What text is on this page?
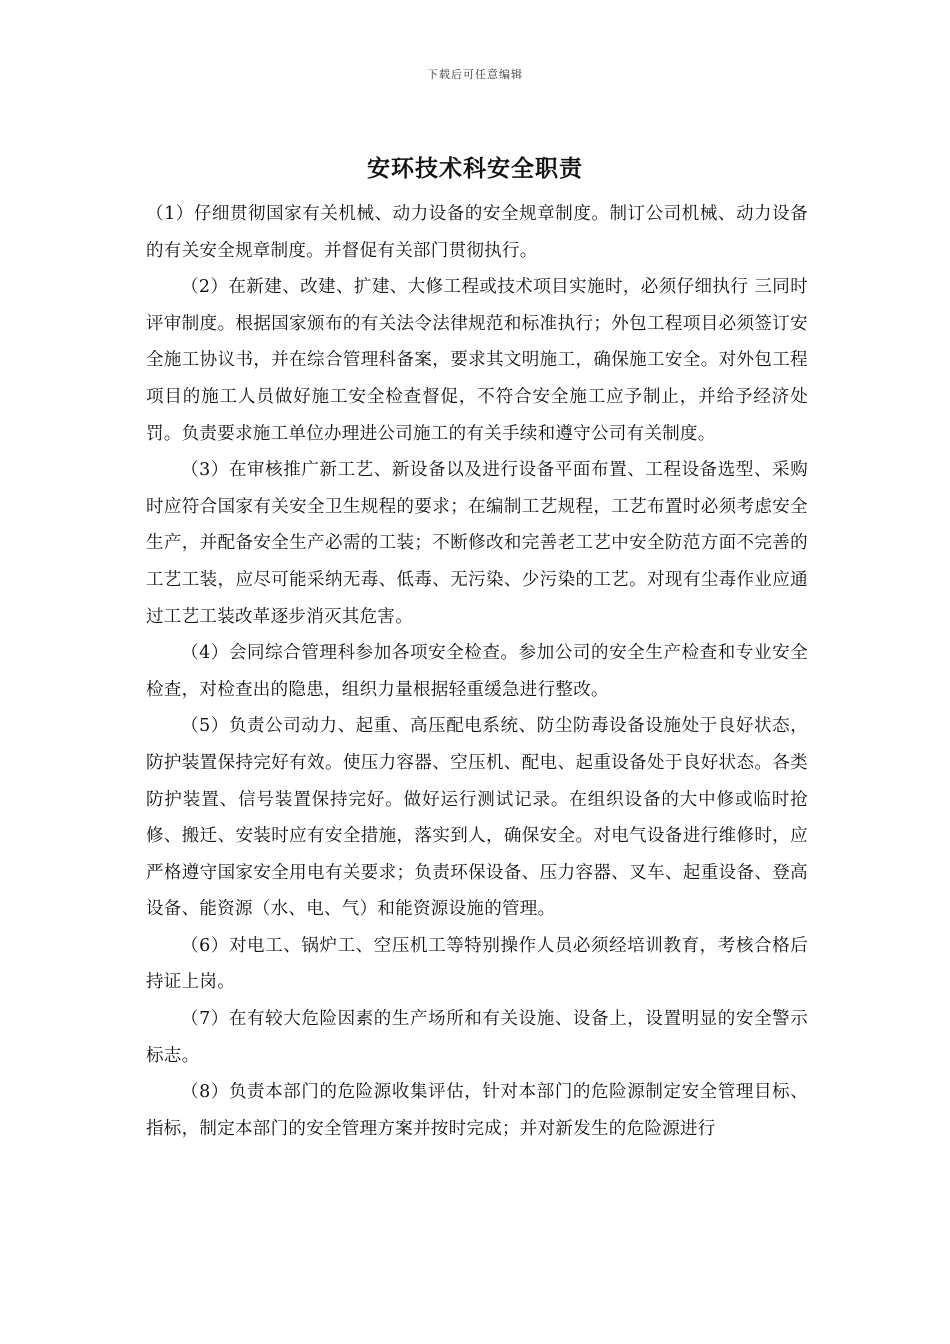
下载后可任意编辑
安环技术科安全职责

（1）仔细贯彻国家有关机械、动力设备的安全规章制度。制订公司机械、动力设备的有关安全规章制度。并督促有关部门贯彻执行。

（2）在新建、改建、扩建、大修工程或技术项目实施时，必须仔细执行 三同时 评审制度。根据国家颁布的有关法令法律规范和标准执行；外包工程项目必须签订安全施工协议书，并在综合管理科备案，要求其文明施工，确保施工安全。对外包工程项目的施工人员做好施工安全检查督促，不符合安全施工应予制止，并给予经济处罚。负责要求施工单位办理进公司施工的有关手续和遵守公司有关制度。

（3）在审核推广新工艺、新设备以及进行设备平面布置、工程设备选型、采购时应符合国家有关安全卫生规程的要求；在编制工艺规程，工艺布置时必须考虑安全生产，并配备安全生产必需的工装；不断修改和完善老工艺中安全防范方面不完善的工艺工装，应尽可能采纳无毒、低毒、无污染、少污染的工艺。对现有尘毒作业应通过工艺工装改革逐步消灭其危害。

（4）会同综合管理科参加各项安全检查。参加公司的安全生产检查和专业安全检查，对检查出的隐患，组织力量根据轻重缓急进行整改。

（5）负责公司动力、起重、高压配电系统、防尘防毒设备设施处于良好状态，防护装置保持完好有效。使压力容器、空压机、配电、起重设备处于良好状态。各类防护装置、信号装置保持完好。做好运行测试记录。在组织设备的大中修或临时抢修、搬迁、安装时应有安全措施，落实到人，确保安全。对电气设备进行维修时，应严格遵守国家安全用电有关要求；负责环保设备、压力容器、叉车、起重设备、登高设备、能资源（水、电、气）和能资源设施的管理。

（6）对电工、锅炉工、空压机工等特别操作人员必须经培训教育，考核合格后持证上岗。

（7）在有较大危险因素的生产场所和有关设施、设备上，设置明显的安全警示标志。

（8）负责本部门的危险源收集评估，针对本部门的危险源制定安全管理目标、指标，制定本部门的安全管理方案并按时完成；并对新发生的危险源进行
